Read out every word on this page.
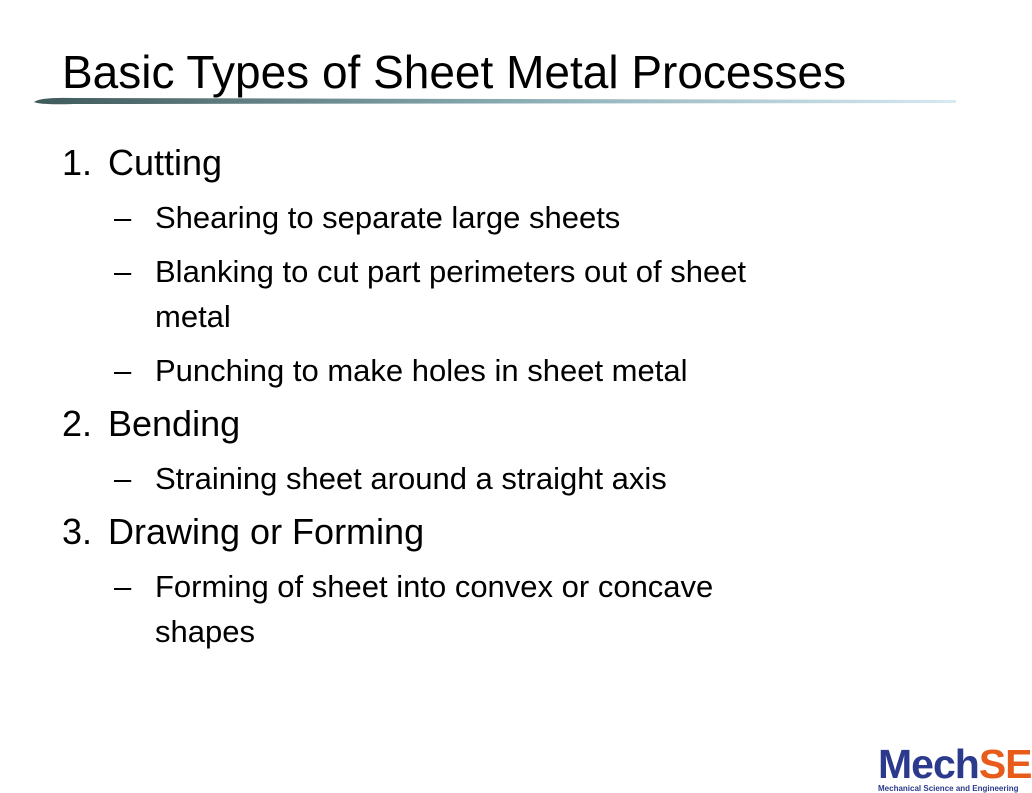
Basic Types of Sheet Metal Processes
1. Cutting
– Shearing to separate large sheets
– Blanking to cut part perimeters out of sheet metal
– Punching to make holes in sheet metal
2. Bending
– Straining sheet around a straight axis
3. Drawing or Forming
– Forming of sheet into convex or concave shapes
MechSE
Mechanical Science and Engineering
